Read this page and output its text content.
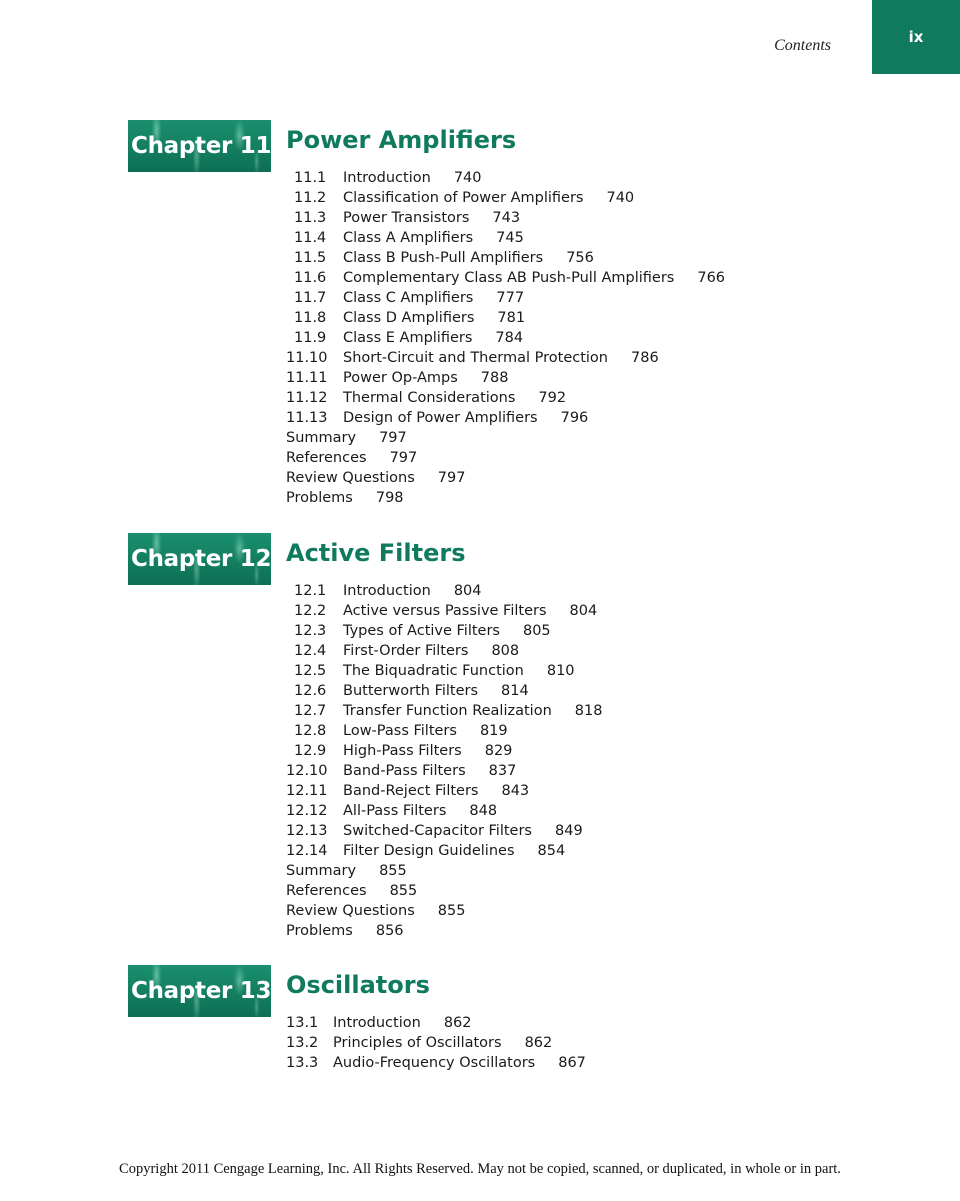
Contents	ix
Chapter 11 Power Amplifiers
11.1 Introduction 740
11.2 Classification of Power Amplifiers 740
11.3 Power Transistors 743
11.4 Class A Amplifiers 745
11.5 Class B Push-Pull Amplifiers 756
11.6 Complementary Class AB Push-Pull Amplifiers 766
11.7 Class C Amplifiers 777
11.8 Class D Amplifiers 781
11.9 Class E Amplifiers 784
11.10 Short-Circuit and Thermal Protection 786
11.11 Power Op-Amps 788
11.12 Thermal Considerations 792
11.13 Design of Power Amplifiers 796
Summary 797
References 797
Review Questions 797
Problems 798
Chapter 12 Active Filters
12.1 Introduction 804
12.2 Active versus Passive Filters 804
12.3 Types of Active Filters 805
12.4 First-Order Filters 808
12.5 The Biquadratic Function 810
12.6 Butterworth Filters 814
12.7 Transfer Function Realization 818
12.8 Low-Pass Filters 819
12.9 High-Pass Filters 829
12.10 Band-Pass Filters 837
12.11 Band-Reject Filters 843
12.12 All-Pass Filters 848
12.13 Switched-Capacitor Filters 849
12.14 Filter Design Guidelines 854
Summary 855
References 855
Review Questions 855
Problems 856
Chapter 13 Oscillators
13.1 Introduction 862
13.2 Principles of Oscillators 862
13.3 Audio-Frequency Oscillators 867
Copyright 2011 Cengage Learning, Inc. All Rights Reserved. May not be copied, scanned, or duplicated, in whole or in part.
